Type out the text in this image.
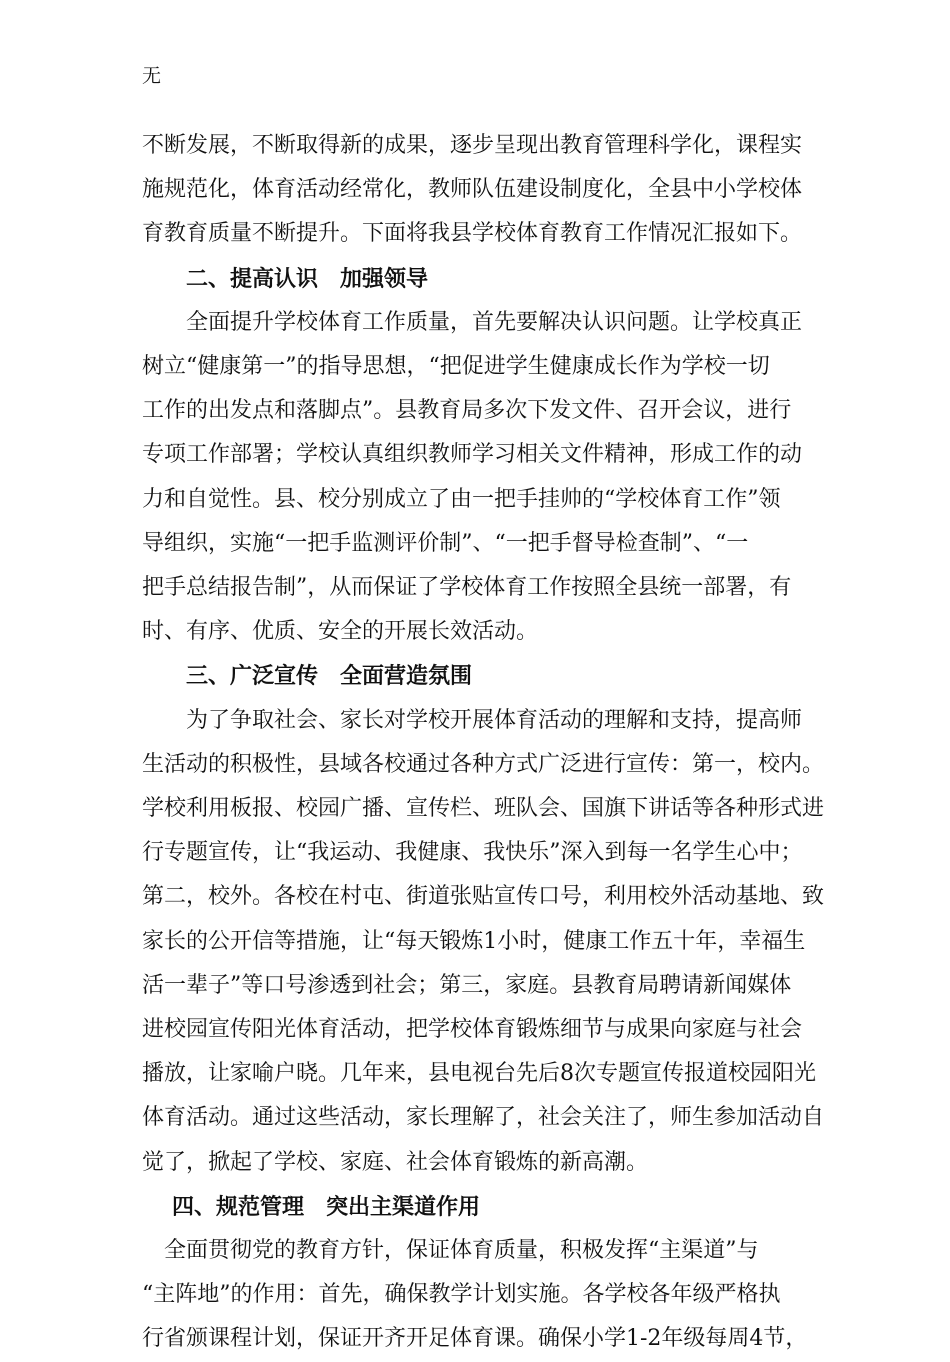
无

不断发展，不断取得新的成果，逐步呈现出教育管理科学化，课程实

施规范化，体育活动经常化，教师队伍建设制度化，全县中小学校体

育教育质量不断提升。下面将我县学校体育教育工作情况汇报如下。

二、提高认识　加强领导

全面提升学校体育工作质量，首先要解决认识问题。让学校真正

树立“健康第一”的指导思想，“把促进学生健康成长作为学校一切

工作的出发点和落脚点”。县教育局多次下发文件、召开会议，进行

专项工作部署；学校认真组织教师学习相关文件精神，形成工作的动

力和自觉性。县、校分别成立了由一把手挂帅的“学校体育工作”领

导组织，实施“一把手监测评价制”、“一把手督导检查制”、“一

把手总结报告制”，从而保证了学校体育工作按照全县统一部署，有

时、有序、优质、安全的开展长效活动。

三、广泛宣传　全面营造氛围

为了争取社会、家长对学校开展体育活动的理解和支持，提高师

生活动的积极性，县域各校通过各种方式广泛进行宣传：第一，校内。

学校利用板报、校园广播、宣传栏、班队会、国旗下讲话等各种形式进

行专题宣传，让“我运动、我健康、我快乐”深入到每一名学生心中；

第二，校外。各校在村屯、街道张贴宣传口号，利用校外活动基地、致

家长的公开信等措施，让“每天锻炼1小时，健康工作五十年，幸福生

活一辈子”等口号渗透到社会；第三，家庭。县教育局聘请新闻媒体

进校园宣传阳光体育活动，把学校体育锻炼细节与成果向家庭与社会

播放，让家喻户晓。几年来，县电视台先后8次专题宣传报道校园阳光

体育活动。通过这些活动，家长理解了，社会关注了，师生参加活动自

觉了，掀起了学校、家庭、社会体育锻炼的新高潮。

四、规范管理　突出主渠道作用

全面贯彻党的教育方针，保证体育质量，积极发挥“主渠道”与

“主阵地”的作用：首先，确保教学计划实施。各学校各年级严格执

行省颁课程计划，保证开齐开足体育课。确保小学1-2年级每周4节，
